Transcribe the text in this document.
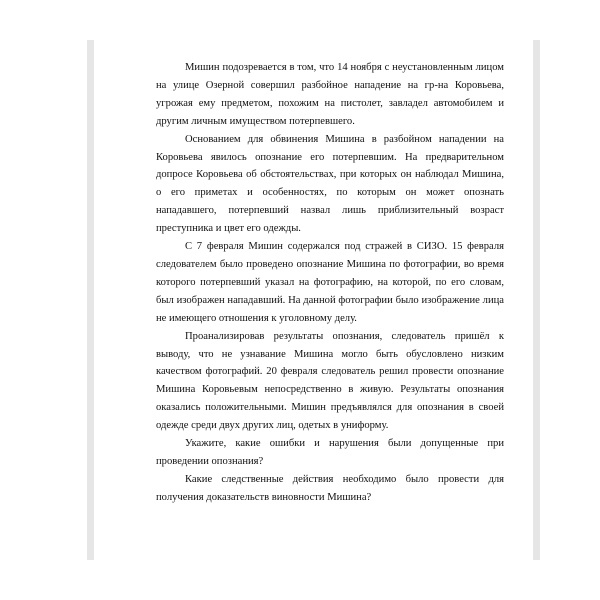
Мишин подозревается в том, что 14 ноября с неустановленным лицом на улице Озерной совершил разбойное нападение на гр-на Коровьева, угрожая ему предметом, похожим на пистолет, завладел автомобилем и другим личным имуществом потерпевшего.

Основанием для обвинения Мишина в разбойном нападении на Коровьева явилось опознание его потерпевшим. На предварительном допросе Коровьева об обстоятельствах, при которых он наблюдал Мишина, о его приметах и особенностях, по которым он может опознать нападавшего, потерпевший назвал лишь приблизительный возраст преступника и цвет его одежды.

С 7 февраля Мишин содержался под стражей в СИЗО. 15 февраля следователем было проведено опознание Мишина по фотографии, во время которого потерпевший указал на фотографию, на которой, по его словам, был изображен нападавший. На данной фотографии было изображение лица не имеющего отношения к уголовному делу.

Проанализировав результаты опознания, следователь пришёл к выводу, что не узнавание Мишина могло быть обусловлено низким качеством фотографий. 20 февраля следователь решил провести опознание Мишина Коровьевым непосредственно в живую. Результаты опознания оказались положительными. Мишин предъявлялся для опознания в своей одежде среди двух других лиц, одетых в униформу.

Укажите, какие ошибки и нарушения были допущенные при проведении опознания?

Какие следственные действия необходимо было провести для получения доказательств виновности Мишина?
